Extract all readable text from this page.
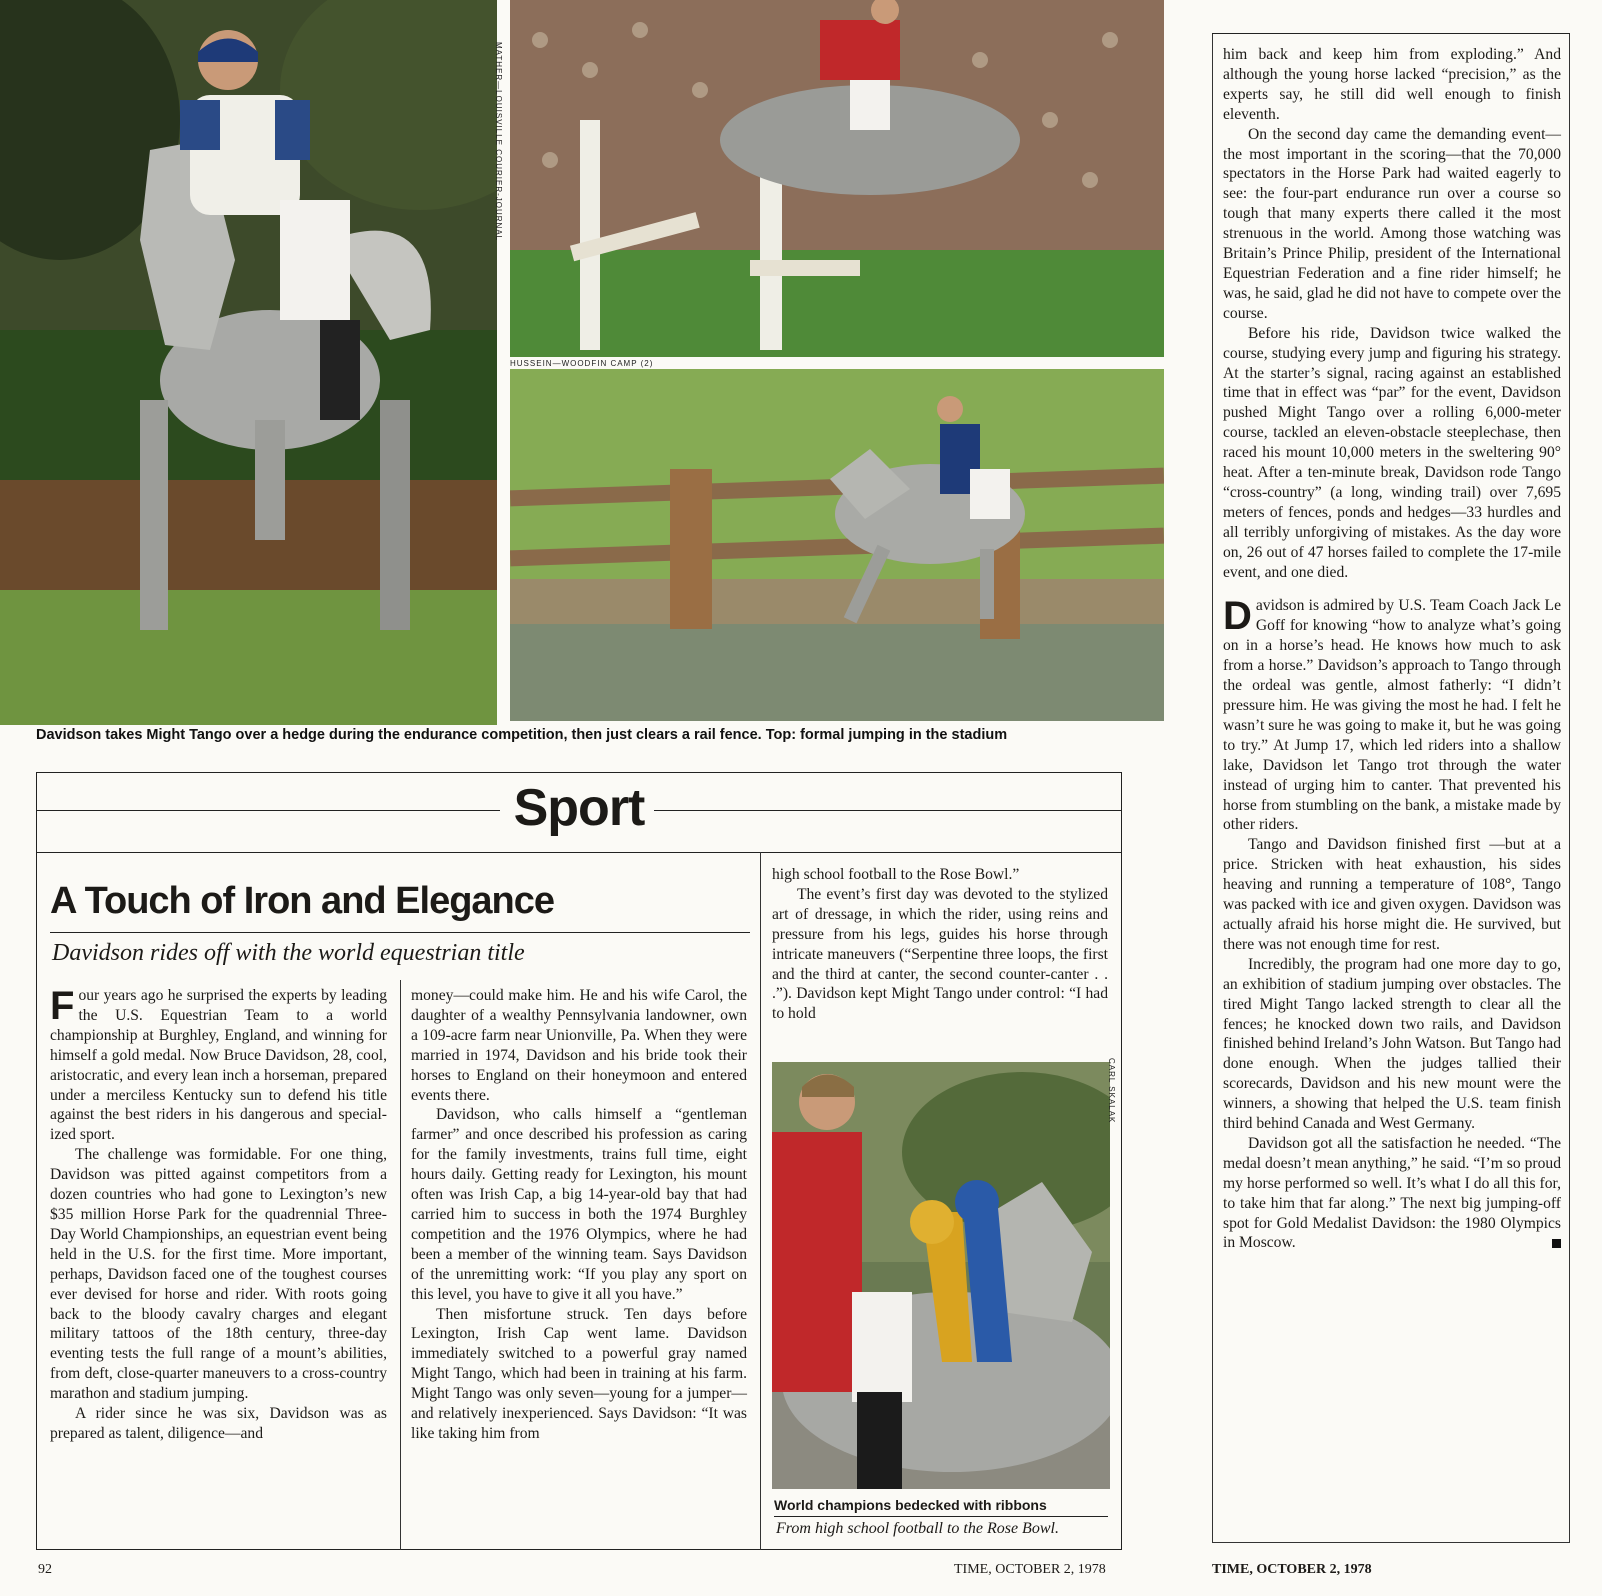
MATHER—LOUISVILLE COURIER-JOURNAL
HUSSEIN—WOODFIN CAMP (2)
Davidson takes Might Tango over a hedge during the endurance competition, then just clears a rail fence. Top: formal jumping in the stadium
Sport
A Touch of Iron and Elegance
Davidson rides off with the world equestrian title

Four years ago he surprised the experts by leading the U.S. Equestrian Team to a world championship at Burghley, England, and winning for himself a gold medal. Now Bruce Davidson, 28, cool, aristocratic, and every lean inch a horseman, prepared under a merciless Kentucky sun to defend his title against the best riders in his dangerous and specialized sport.

The challenge was formidable. For one thing, Davidson was pitted against competitors from a dozen countries who had gone to Lexington’s new $35 million Horse Park for the quadrennial Three-Day World Championships, an equestrian event being held in the U.S. for the first time. More important, perhaps, Davidson faced one of the toughest courses ever devised for horse and rider. With roots going back to the bloody cavalry charges and elegant military tattoos of the 18th century, three-day eventing tests the full range of a mount’s abilities, from deft, close-quarter maneuvers to a cross-country marathon and stadium jumping.

A rider since he was six, Davidson was as prepared as talent, diligence—and

money—could make him. He and his wife Carol, the daughter of a wealthy Pennsylvania landowner, own a 109-acre farm near Unionville, Pa. When they were married in 1974, Davidson and his bride took their horses to England on their honeymoon and entered events there.

Davidson, who calls himself a “gentleman farmer” and once described his profession as caring for the family investments, trains full time, eight hours daily. Getting ready for Lexington, his mount often was Irish Cap, a big 14-year-old bay that had carried him to success in both the 1974 Burghley competition and the 1976 Olympics, where he had been a member of the winning team. Says Davidson of the unremitting work: “If you play any sport on this level, you have to give it all you have.”

Then misfortune struck. Ten days before Lexington, Irish Cap went lame. Davidson immediately switched to a powerful gray named Might Tango, which had been in training at his farm. Might Tango was only seven—young for a jumper—and relatively inexperienced. Says Davidson: “It was like taking him from

high school football to the Rose Bowl.”

The event’s first day was devoted to the stylized art of dressage, in which the rider, using reins and pressure from his legs, guides his horse through intricate maneuvers (“Serpentine three loops, the first and the third at canter, the second counter-canter . . .”). Davidson kept Might Tango under control: “I had to hold

CARL SKALAK
World champions bedecked with ribbons
From high school football to the Rose Bowl.
92	TIME, OCTOBER 2, 1978

him back and keep him from exploding.” And although the young horse lacked “precision,” as the experts say, he still did well enough to finish eleventh.

On the second day came the demanding event—the most important in the scoring—that the 70,000 spectators in the Horse Park had waited eagerly to see: the four-part endurance run over a course so tough that many experts there called it the most strenuous in the world. Among those watching was Britain’s Prince Philip, president of the International Equestrian Federation and a fine rider himself; he was, he said, glad he did not have to compete over the course.

Before his ride, Davidson twice walked the course, studying every jump and figuring his strategy. At the starter’s signal, racing against an established time that in effect was “par” for the event, Davidson pushed Might Tango over a rolling 6,000-meter course, tackled an eleven-obstacle steeplechase, then raced his mount 10,000 meters in the sweltering 90° heat. After a ten-minute break, Davidson rode Tango “cross-country” (a long, winding trail) over 7,695 meters of fences, ponds and hedges—33 hurdles and all terribly unforgiving of mistakes. As the day wore on, 26 out of 47 horses failed to complete the 17-mile event, and one died.

Davidson is admired by U.S. Team Coach Jack Le Goff for knowing “how to analyze what’s going on in a horse’s head. He knows how much to ask from a horse.” Davidson’s approach to Tango through the ordeal was gentle, almost fatherly: “I didn’t pressure him. He was giving the most he had. I felt he wasn’t sure he was going to make it, but he was going to try.” At Jump 17, which led riders into a shallow lake, Davidson let Tango trot through the water instead of urging him to canter. That prevented his horse from stumbling on the bank, a mistake made by other riders.

Tango and Davidson finished first —but at a price. Stricken with heat exhaustion, his sides heaving and running a temperature of 108°, Tango was packed with ice and given oxygen. Davidson was actually afraid his horse might die. He survived, but there was not enough time for rest.

Incredibly, the program had one more day to go, an exhibition of stadium jumping over obstacles. The tired Might Tango lacked strength to clear all the fences; he knocked down two rails, and Davidson finished behind Ireland’s John Watson. But Tango had done enough. When the judges tallied their scorecards, Davidson and his new mount were the winners, a showing that helped the U.S. team finish third behind Canada and West Germany.

Davidson got all the satisfaction he needed. “The medal doesn’t mean anything,” he said. “I’m so proud my horse performed so well. It’s what I do all this for, to take him that far along.” The next big jumping-off spot for Gold Medalist Davidson: the 1980 Olympics in Moscow.

TIME, OCTOBER 2, 1978
